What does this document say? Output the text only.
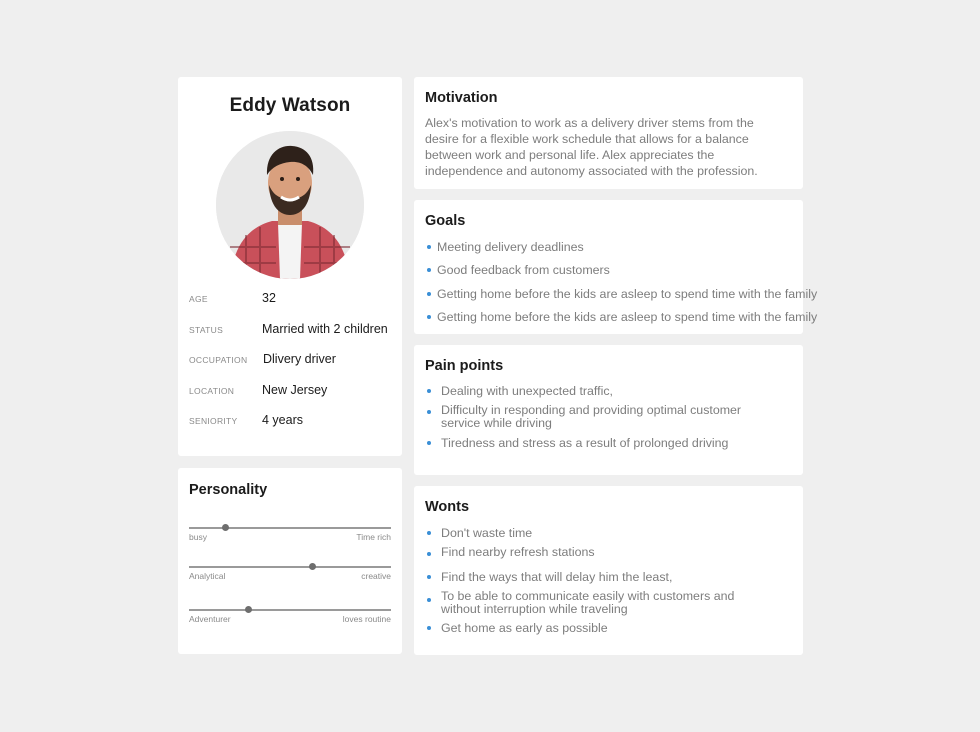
Eddy Watson
AGE	32
STATUS	Married with 2 children
OCCUPATION Dlivery driver
LOCATION New Jersey
SENIORITY 4 years
Personality
busy	Time rich
Analytical	creative
Adventurer	loves routine
Motivation
Alex's motivation to work as a delivery driver stems from the desire for a flexible work schedule that allows for a balance between work and personal life. Alex appreciates the independence and autonomy associated with the profession.
Goals
Meeting delivery deadlines
Good feedback from customers
Getting home before the kids are asleep to spend time with the family
Getting home before the kids are asleep to spend time with the family
Pain points
Dealing with unexpected traffic,
Difficulty in responding and providing optimal customer service while driving
Tiredness and stress as a result of prolonged driving
Wonts
Don't waste time
Find nearby refresh stations
Find the ways that will delay him the least,
To be able to communicate easily with customers and without interruption while traveling
Get home as early as possible
